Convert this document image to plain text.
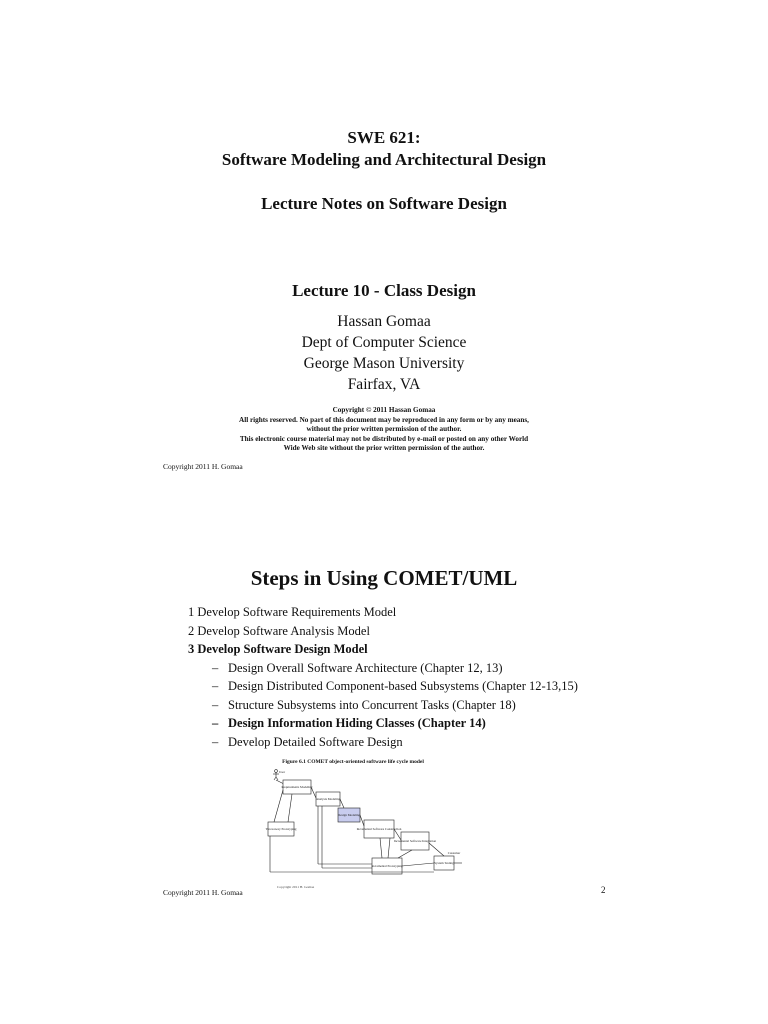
SWE 621:
Software Modeling and Architectural Design
Lecture Notes on Software Design
Lecture 10 - Class Design
Hassan Gomaa
Dept of Computer Science
George Mason University
Fairfax, VA
Copyright © 2011 Hassan Gomaa
All rights reserved. No part of this document may be reproduced in any form or by any means,
without the prior written permission of the author.
This electronic course material may not be distributed by e-mail or posted on any other World
Wide Web site without the prior written permission of the author.
Copyright 2011 H. Gomaa
Steps in Using COMET/UML
1 Develop Software Requirements Model
2 Develop Software Analysis Model
3 Develop Software Design Model
– Design Overall Software Architecture (Chapter 12, 13)
– Design Distributed Component-based Subsystems (Chapter 12-13,15)
– Structure Subsystems into Concurrent Tasks (Chapter 18)
– Design Information Hiding Classes (Chapter 14)
– Develop Detailed Software Design
Figure 6.1 COMET object-oriented software life cycle model
User
Requirements Modeling
Analysis Modeling
Design Modeling
Incremental Software Construction
Incremental Software Integration
System Testing
Throwaway Prototyping
Incremental Prototyping
Customer
Copyright 2011 H. Gomaa
Copyright 2011 H. Gomaa	2
